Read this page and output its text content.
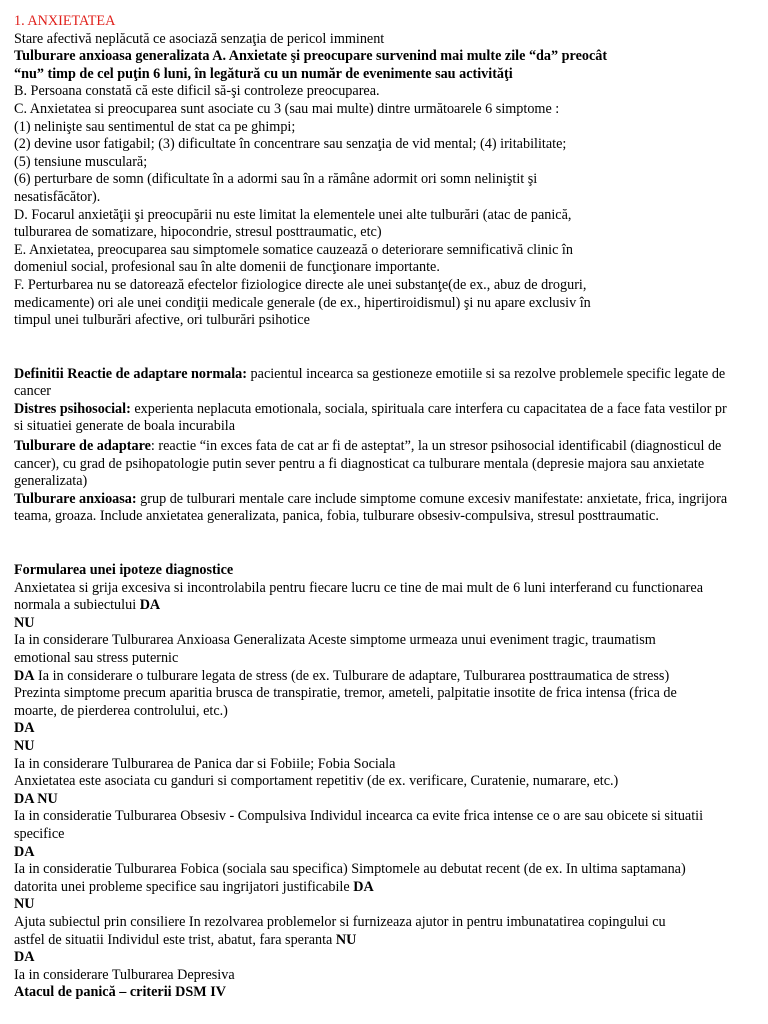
1. ANXIETATEA
Stare afectivă neplăcută ce asociază senzaţia de pericol imminent
Tulburare anxioasa generalizata A. Anxietate şi preocupare survenind mai multe zile “da” preocât
“nu” timp de cel puţin 6 luni, în legătură cu un număr de evenimente sau activităţi
B. Persoana constată că este dificil să-şi controleze preocuparea.
C. Anxietatea si preocuparea sunt asociate cu 3 (sau mai multe) dintre următoarele 6 simptome :
(1) nelinişte sau sentimentul de stat ca pe ghimpi;
(2) devine usor fatigabil; (3) dificultate în concentrare sau senzaţia de vid mental; (4) iritabilitate;
(5) tensiune musculară;
(6) perturbare de somn (dificultate în a adormi sau în a rămâne adormit ori somn neliniştit şi
nesatisfăcător).
D. Focarul anxietăţii şi preocupării nu este limitat la elementele unei alte tulburări (atac de panică,
tulburarea de somatizare, hipocondrie, stresul posttraumatic, etc)
E. Anxietatea, preocuparea sau simptomele somatice cauzează o deteriorare semnificativă clinic în
domeniul social, profesional sau în alte domenii de funcţionare importante.
F. Perturbarea nu se datorează efectelor fiziologice directe ale unei substanţe(de ex., abuz de droguri,
medicamente) ori ale unei condiţii medicale generale (de ex., hipertiroidismul) şi nu apare exclusiv în
timpul unei tulburări afective, ori tulburări psihotice
Definitii Reactie de adaptare normala: pacientul incearca sa gestioneze emotiile si sa rezolve problemele specific legate de
cancer
Distres psihosocial: experienta neplacuta emotionala, sociala, spirituala care interfera cu capacitatea de a face fata vestilor pr
si situatiei generate de boala incurabila
Tulburare de adaptare: reactie “in exces fata de cat ar fi de asteptat”, la un stresor psihosocial identificabil (diagnosticul de
cancer), cu grad de psihopatologie putin sever pentru a fi diagnosticat ca tulburare mentala (depresie majora sau anxietate
generalizata)
Tulburare anxioasa: grup de tulburari mentale care include simptome comune excesiv manifestate: anxietate, frica, ingrijora
teama, groaza. Include anxietatea generalizata, panica, fobia, tulburare obsesiv-compulsiva, stresul posttraumatic.
Formularea unei ipoteze diagnostice
Anxietatea si grija excesiva si incontrolabila pentru fiecare lucru ce tine de mai mult de 6 luni interferand cu functionarea
normala a subiectului DA
NU
Ia in considerare Tulburarea Anxioasa Generalizata Aceste simptome urmeaza unui eveniment tragic, traumatism
emotional sau stress puternic
DA Ia in considerare o tulburare legata de stress (de ex. Tulburare de adaptare, Tulburarea posttraumatica de stress)
Prezinta simptome precum aparitia brusca de transpiratie, tremor, ameteli, palpitatie insotite de frica intensa (frica de
moarte, de pierderea controlului, etc.)
DA
NU
Ia in considerare Tulburarea de Panica dar si Fobiile; Fobia Sociala
Anxietatea este asociata cu ganduri si comportament repetitiv (de ex. verificare, Curatenie, numarare, etc.)
DA NU
Ia in consideratie Tulburarea Obsesiv - Compulsiva Individul incearca ca evite frica intense ce o are sau obicete si situatii
specifice
DA
Ia in consideratie Tulburarea Fobica (sociala sau specifica) Simptomele au debutat recent (de ex. In ultima saptamana)
datorita unei probleme specifice sau ingrijatori justificabile DA
NU
Ajuta subiectul prin consiliere In rezolvarea problemelor si furnizeaza ajutor in pentru imbunatatirea copingului cu
astfel de situatii Individul este trist, abatut, fara speranta NU
DA
Ia in considerare Tulburarea Depresiva
Atacul de panică – criterii DSM IV
